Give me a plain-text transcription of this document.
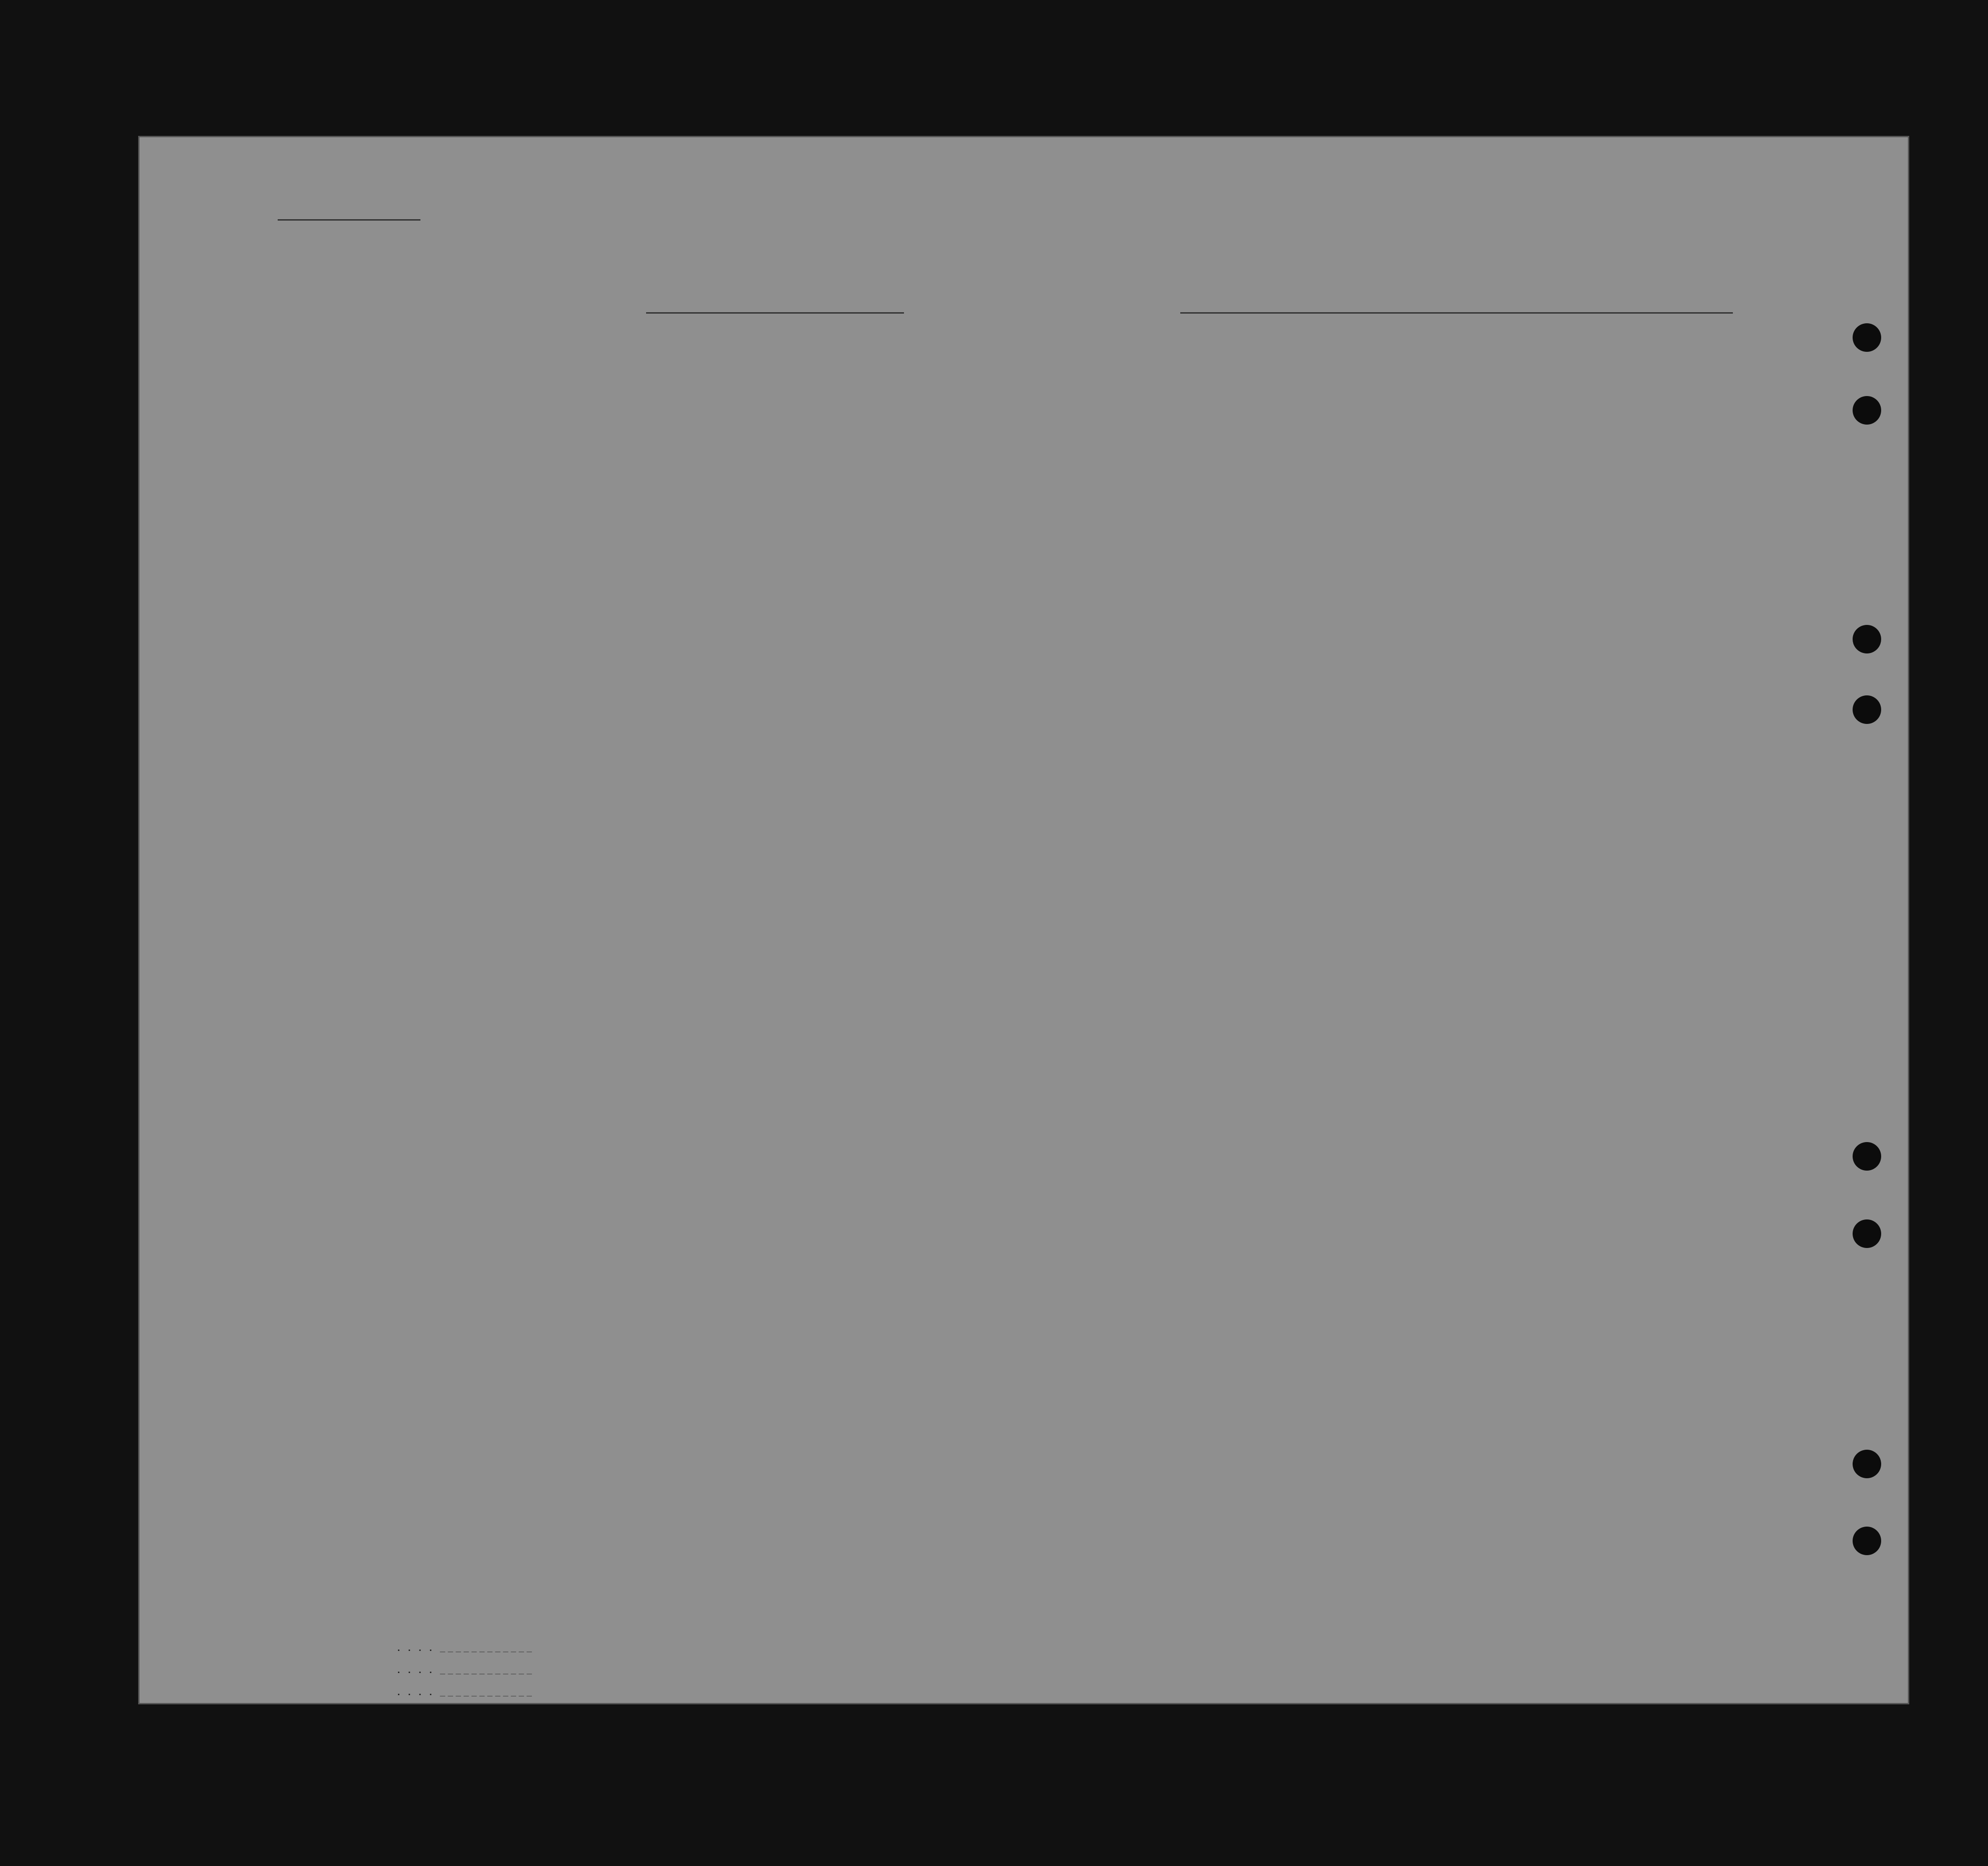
. . . . ____________
. . . . ____________
. . . . ____________
